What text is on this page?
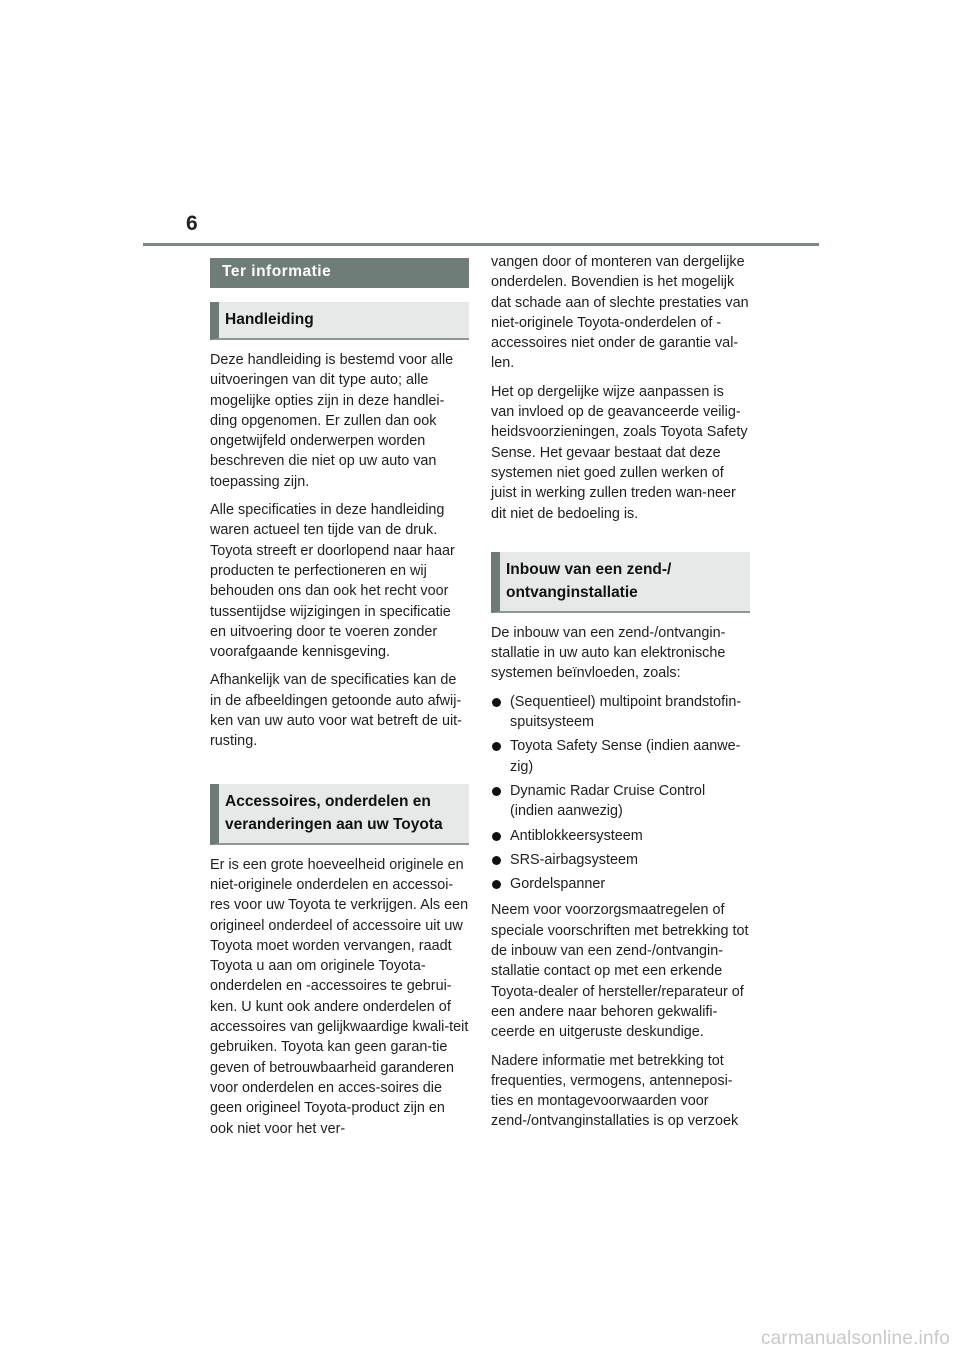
6
Ter informatie
Handleiding

Deze handleiding is bestemd voor alle uitvoeringen van dit type auto; alle mogelijke opties zijn in deze handlei-ding opgenomen. Er zullen dan ook ongetwijfeld onderwerpen worden beschreven die niet op uw auto van toepassing zijn.

Alle specificaties in deze handleiding waren actueel ten tijde van de druk. Toyota streeft er doorlopend naar haar producten te perfectioneren en wij behouden ons dan ook het recht voor tussentijdse wijzigingen in specificatie en uitvoering door te voeren zonder voorafgaande kennisgeving.

Afhankelijk van de specificaties kan de in de afbeeldingen getoonde auto afwij-ken van uw auto voor wat betreft de uit-rusting.

Accessoires, onderdelen en veranderingen aan uw Toyota

Er is een grote hoeveelheid originele en niet-originele onderdelen en accessoi-res voor uw Toyota te verkrijgen. Als een origineel onderdeel of accessoire uit uw Toyota moet worden vervangen, raadt Toyota u aan om originele Toyota-onderdelen en -accessoires te gebrui-ken. U kunt ook andere onderdelen of accessoires van gelijkwaardige kwali-teit gebruiken. Toyota kan geen garan-tie geven of betrouwbaarheid garanderen voor onderdelen en acces-soires die geen origineel Toyota-product zijn en ook niet voor het ver-

vangen door of monteren van dergelijke onderdelen. Bovendien is het mogelijk dat schade aan of slechte prestaties van niet-originele Toyota-onderdelen of -accessoires niet onder de garantie val-len.

Het op dergelijke wijze aanpassen is van invloed op de geavanceerde veilig-heidsvoorzieningen, zoals Toyota Safety Sense. Het gevaar bestaat dat deze systemen niet goed zullen werken of juist in werking zullen treden wan-neer dit niet de bedoeling is.

Inbouw van een zend-/ ontvanginstallatie

De inbouw van een zend-/ontvangin-stallatie in uw auto kan elektronische systemen beïnvloeden, zoals:

(Sequentieel) multipoint brandstofin-spuitsysteem
Toyota Safety Sense (indien aanwe-zig)
Dynamic Radar Cruise Control (indien aanwezig)
Antiblokkeersysteem
SRS-airbagsysteem
Gordelspanner

Neem voor voorzorgsmaatregelen of speciale voorschriften met betrekking tot de inbouw van een zend-/ontvangin-stallatie contact op met een erkende Toyota-dealer of hersteller/reparateur of een andere naar behoren gekwalifi-ceerde en uitgeruste deskundige.

Nadere informatie met betrekking tot frequenties, vermogens, antenneposi-ties en montagevoorwaarden voor zend-/ontvanginstallaties is op verzoek

carmanualsonline.info
